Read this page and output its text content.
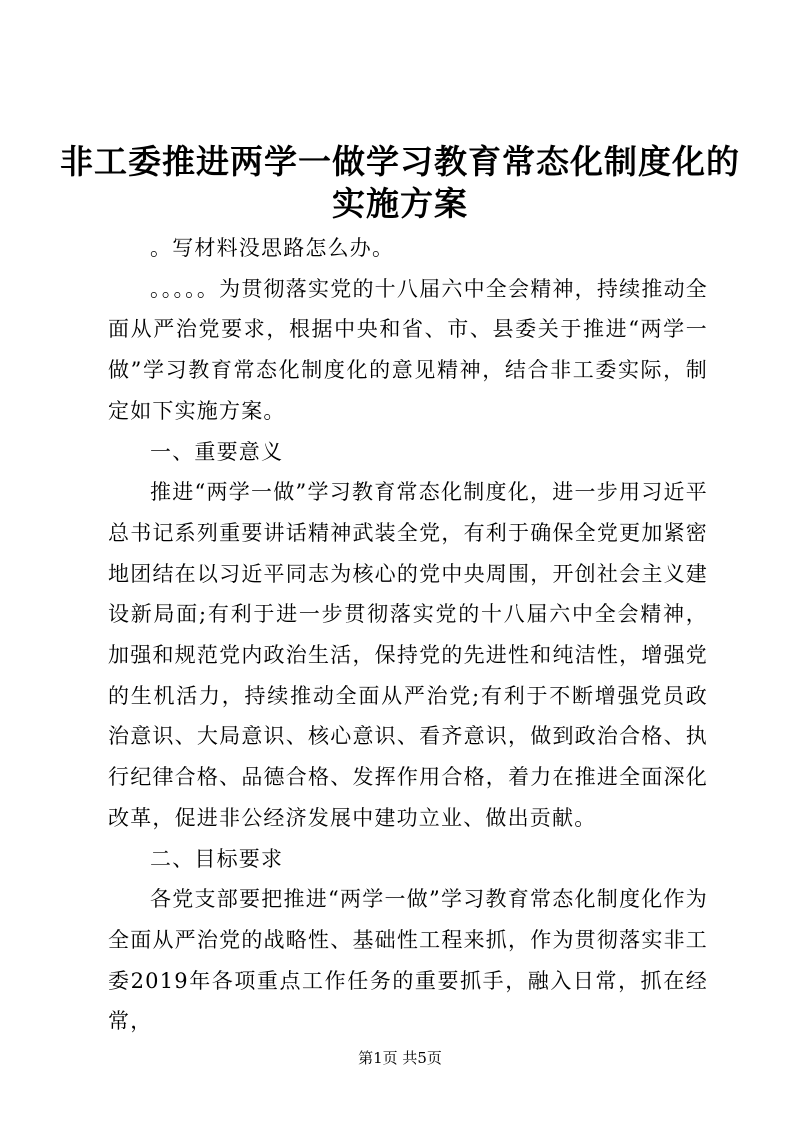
非工委推进两学一做学习教育常态化制度化的
实施方案

。写材料没思路怎么办。

。。。。。为贯彻落实党的十八届六中全会精神，持续推动全面从严治党要求，根据中央和省、市、县委关于推进“两学一做”学习教育常态化制度化的意见精神，结合非工委实际，制定如下实施方案。

一、重要意义

推进“两学一做”学习教育常态化制度化，进一步用习近平总书记系列重要讲话精神武装全党，有利于确保全党更加紧密地团结在以习近平同志为核心的党中央周围，开创社会主义建设新局面;有利于进一步贯彻落实党的十八届六中全会精神，加强和规范党内政治生活，保持党的先进性和纯洁性，增强党的生机活力，持续推动全面从严治党;有利于不断增强党员政治意识、大局意识、核心意识、看齐意识，做到政治合格、执行纪律合格、品德合格、发挥作用合格，着力在推进全面深化改革，促进非公经济发展中建功立业、做出贡献。

二、目标要求

各党支部要把推进“两学一做”学习教育常态化制度化作为全面从严治党的战略性、基础性工程来抓，作为贯彻落实非工委2019年各项重点工作任务的重要抓手，融入日常，抓在经常，

第1页 共5页
